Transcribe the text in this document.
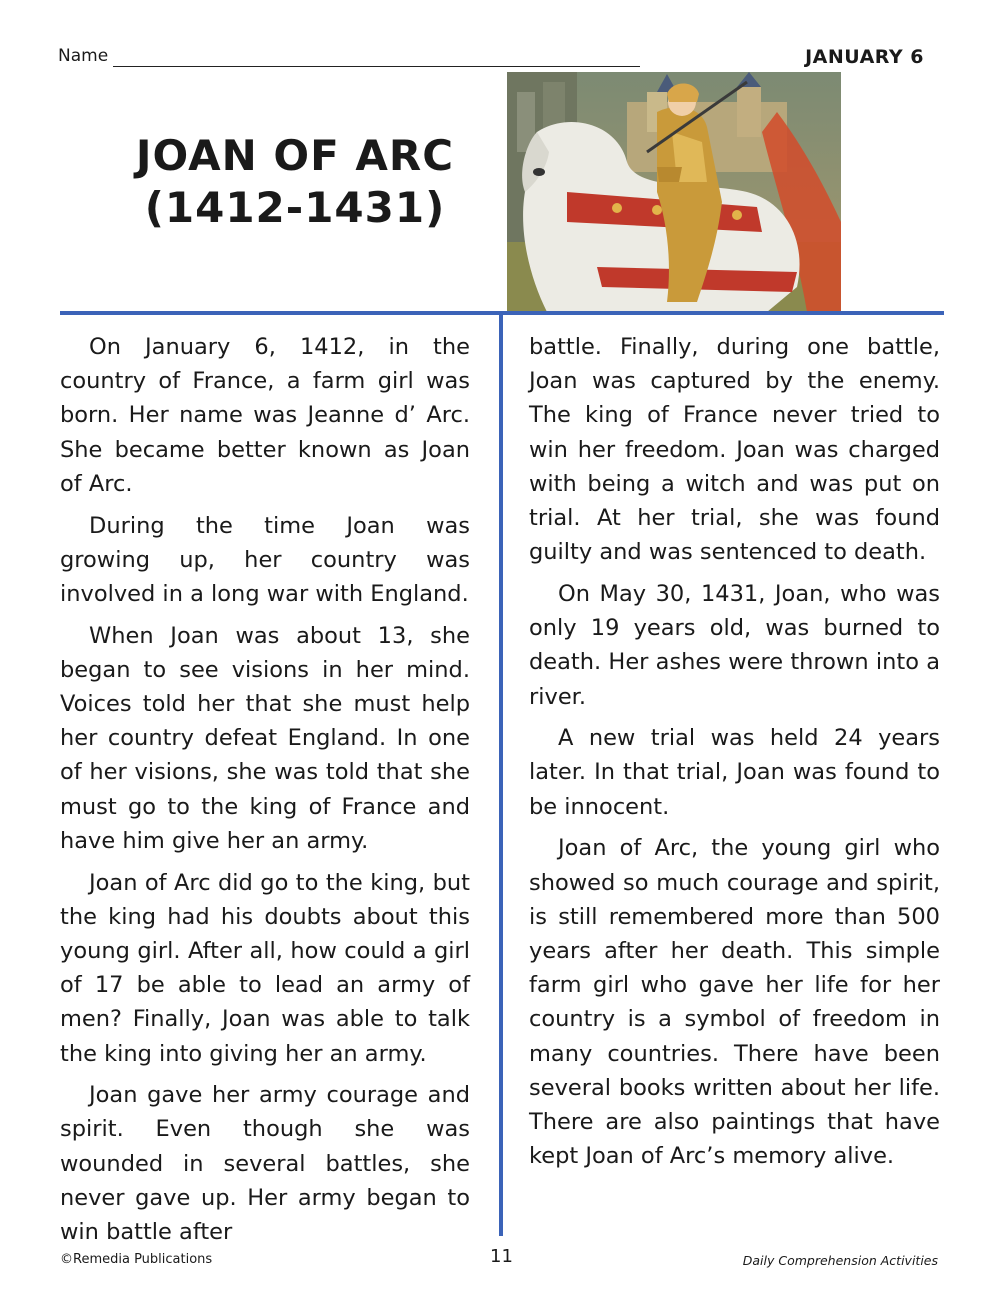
Name	JANUARY 6
JOAN OF ARC
(1412-1431)

On January 6, 1412, in the country of France, a farm girl was born. Her name was Jeanne d’ Arc. She became better known as Joan of Arc.

During the time Joan was growing up, her country was involved in a long war with England.

When Joan was about 13, she began to see visions in her mind. Voices told her that she must help her country defeat England. In one of her visions, she was told that she must go to the king of France and have him give her an army.

Joan of Arc did go to the king, but the king had his doubts about this young girl. After all, how could a girl of 17 be able to lead an army of men? Finally, Joan was able to talk the king into giving her an army.

Joan gave her army courage and spirit. Even though she was wounded in several battles, she never gave up. Her army began to win battle after

battle. Finally, during one battle, Joan was captured by the enemy. The king of France never tried to win her freedom. Joan was charged with being a witch and was put on trial. At her trial, she was found guilty and was sentenced to death.

On May 30, 1431, Joan, who was only 19 years old, was burned to death. Her ashes were thrown into a river.

A new trial was held 24 years later. In that trial, Joan was found to be innocent.

Joan of Arc, the young girl who showed so much courage and spirit, is still remembered more than 500 years after her death. This simple farm girl who gave her life for her country is a symbol of freedom in many countries. There have been several books written about her life. There are also paintings that have kept Joan of Arc’s memory alive.

©Remedia Publications	11	Daily Comprehension Activities
